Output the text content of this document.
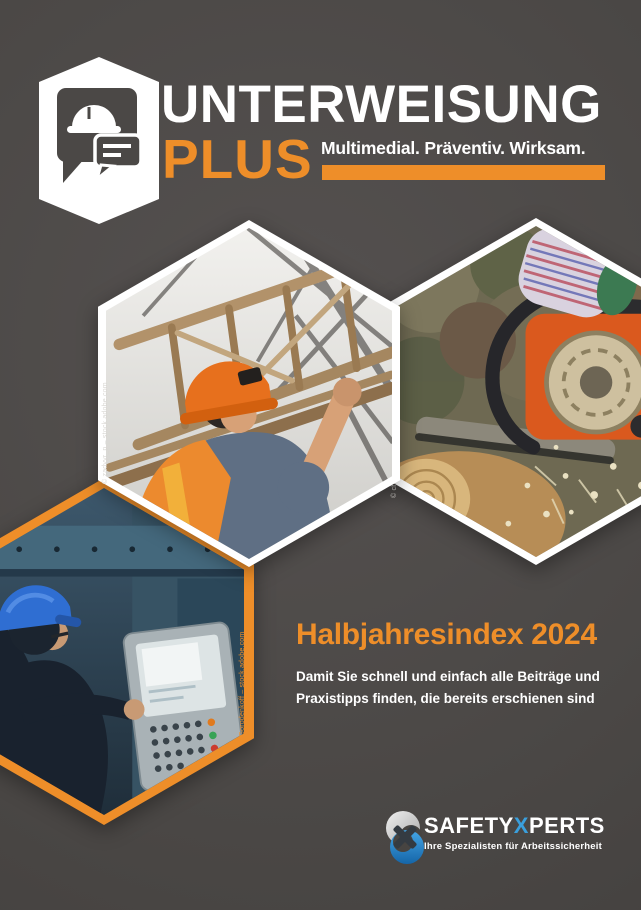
UNTERWEISUNG
PLUS Multimedial. Präventiv. Wirksam.
© Gorodenkoff – stock.adobe.com
© zadvyr_p – stock.adobe.com
Halbjahresindex 2024
Damit Sie schnell und einfach alle Beiträge und
Praxistipps finden, die bereits erschienen sind
SAFETYXPERTS
Ihre Spezialisten für Arbeitssicherheit
